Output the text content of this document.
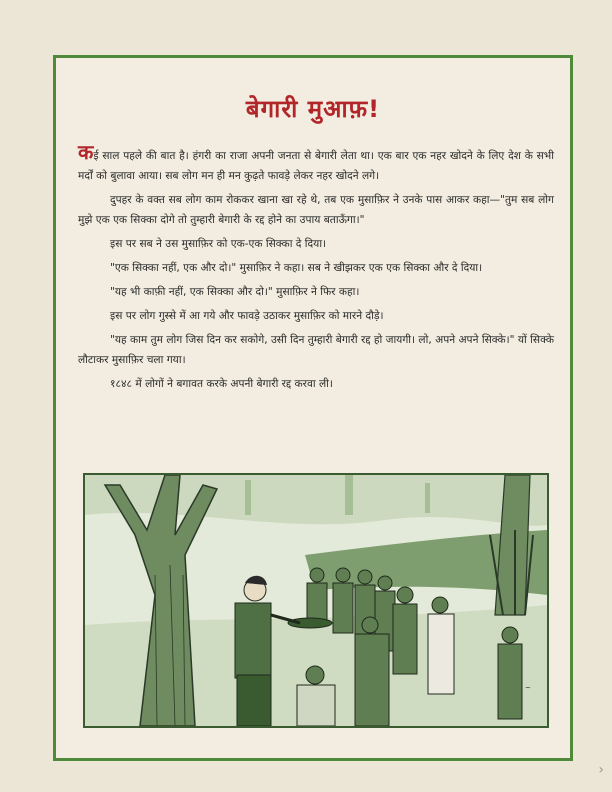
बेगारी मुआफ़!

कई साल पहले की बात है। हंगरी का राजा अपनी जनता से बेगारी लेता था। एक बार एक नहर खोदने के लिए देश के सभी मर्दों को बुलावा आया। सब लोग मन ही मन कुढ़ते फावड़े लेकर नहर खोदने लगे।

दुपहर के वक्त सब लोग काम रोककर खाना खा रहे थे, तब एक मुसाफ़िर ने उनके पास आकर कहा—"तुम सब लोग मुझे एक एक सिक्का दोगे तो तुम्हारी बेगारी के रद्द होने का उपाय बताऊँगा।"

इस पर सब ने उस मुसाफ़िर को एक-एक सिक्का दे दिया।

"एक सिक्का नहीं, एक और दो।" मुसाफ़िर ने कहा। सब ने खीझकर एक एक सिक्का और दे दिया।

"यह भी काफ़ी नहीं, एक सिक्का और दो।" मुसाफ़िर ने फिर कहा।

इस पर लोग गुस्से में आ गये और फावड़े उठाकर मुसाफ़िर को मारने दौड़े।

"यह काम तुम लोग जिस दिन कर सकोगे, उसी दिन तुम्हारी बेगारी रद्द हो जायगी। लो, अपने अपने सिक्के।" यों सिक्के लौटाकर मुसाफ़िर चला गया।

१८४८ में लोगों ने बगावत करके अपनी बेगारी रद्द करवा ली।

~
›
